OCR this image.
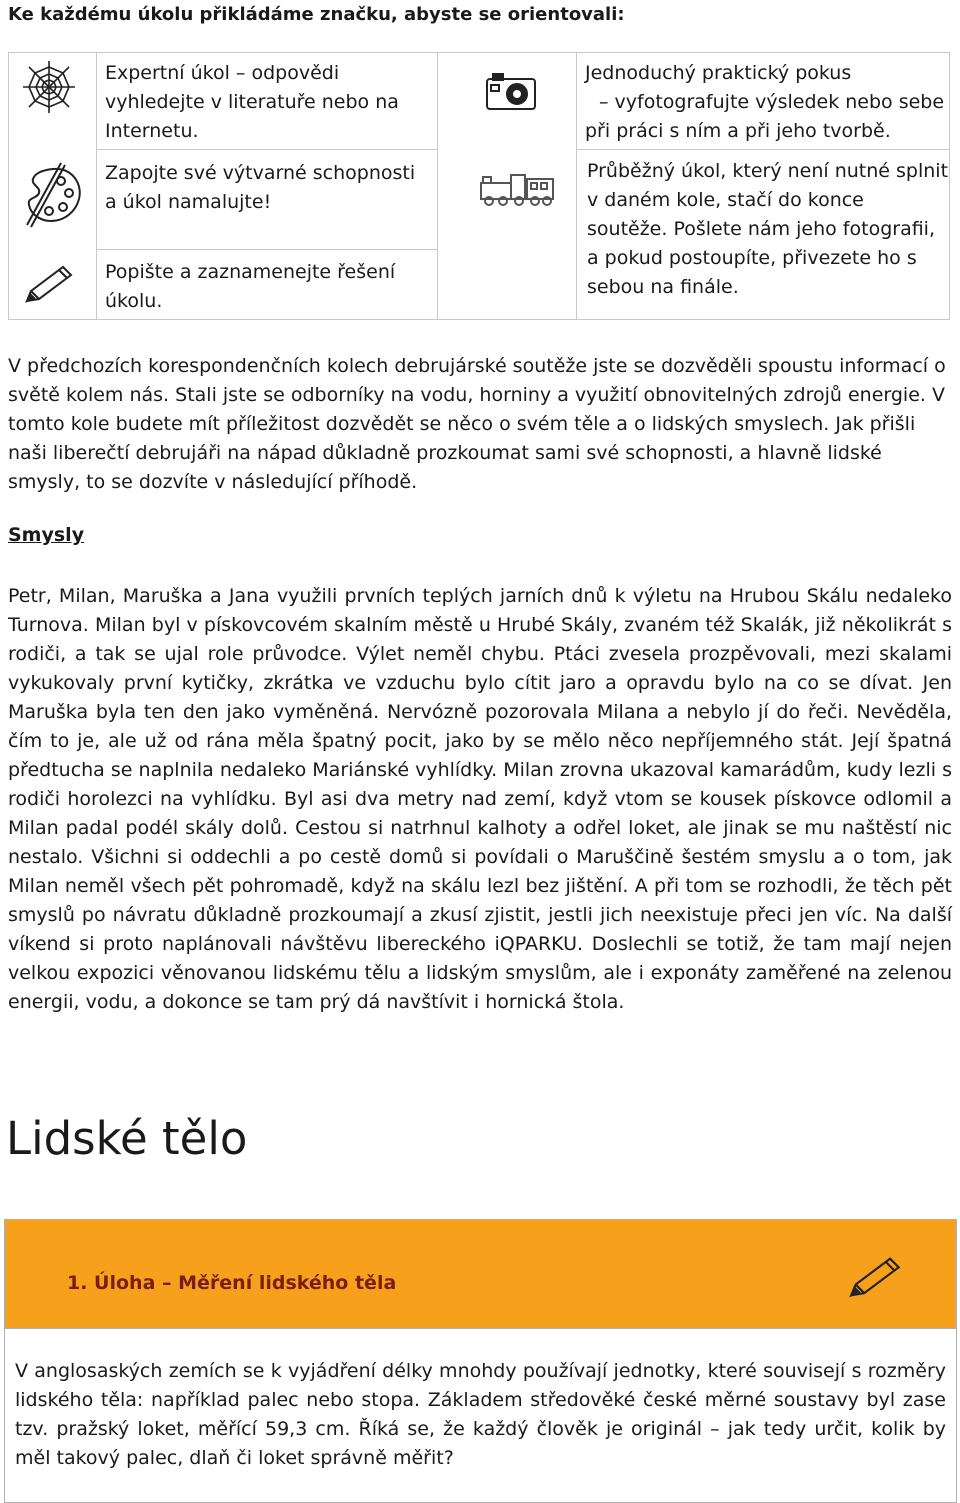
Ke každému úkolu přikládáme značku, abyste se orientovali:
Expertní úkol – odpovědi vyhledejte v literatuře nebo na Internetu.
Zapojte své výtvarné schopnosti a úkol namalujte!
Popište a zaznamenejte řešení úkolu.
Jednoduchý praktický pokus
– vyfotografujte výsledek nebo sebe
při práci s ním a při jeho tvorbě.
Průběžný úkol, který není nutné splnit v daném kole, stačí do konce soutěže. Pošlete nám jeho fotografii, a pokud postoupíte, přivezete ho s sebou na finále.
V předchozích korespondenčních kolech debrujárské soutěže jste se dozvěděli spoustu informací o světě kolem nás. Stali jste se odborníky na vodu, horniny a využití obnovitelných zdrojů energie. V tomto kole budete mít příležitost dozvědět se něco o svém těle a o lidských smyslech. Jak přišli naši liberečtí debrujáři na nápad důkladně prozkoumat sami své schopnosti, a hlavně lidské smysly, to se dozvíte v následující příhodě.
Smysly
Petr, Milan, Maruška a Jana využili prvních teplých jarních dnů k výletu na Hrubou Skálu nedaleko Turnova. Milan byl v pískovcovém skalním městě u Hrubé Skály, zvaném též Skalák, již několikrát s rodiči, a tak se ujal role průvodce. Výlet neměl chybu. Ptáci zvesela prozpěvovali, mezi skalami vykukovaly první kytičky, zkrátka ve vzduchu bylo cítit jaro a opravdu bylo na co se dívat. Jen Maruška byla ten den jako vyměněná. Nervózně pozorovala Milana a nebylo jí do řeči. Nevěděla, čím to je, ale už od rána měla špatný pocit, jako by se mělo něco nepříjemného stát. Její špatná předtucha se naplnila nedaleko Mariánské vyhlídky. Milan zrovna ukazoval kamarádům, kudy lezli s rodiči horolezci na vyhlídku. Byl asi dva metry nad zemí, když vtom se kousek pískovce odlomil a Milan padal podél skály dolů. Cestou si natrhnul kalhoty a odřel loket, ale jinak se mu naštěstí nic nestalo. Všichni si oddechli a po cestě domů si povídali o Maruščině šestém smyslu a o tom, jak Milan neměl všech pět pohromadě, když na skálu lezl bez jištění. A při tom se rozhodli, že těch pět smyslů po návratu důkladně prozkoumají a zkusí zjistit, jestli jich neexistuje přeci jen víc. Na další víkend si proto naplánovali návštěvu libereckého iQPARKU. Doslechli se totiž, že tam mají nejen velkou expozici věnovanou lidskému tělu a lidským smyslům, ale i exponáty zaměřené na zelenou energii, vodu, a dokonce se tam prý dá navštívit i hornická štola.
Lidské tělo
1. Úloha – Měření lidského těla
V anglosaských zemích se k vyjádření délky mnohdy používají jednotky, které souvisejí s rozměry lidského těla: například palec nebo stopa. Základem středověké české měrné soustavy byl zase tzv. pražský loket, měřící 59,3 cm. Říká se, že každý člověk je originál – jak tedy určit, kolik by měl takový palec, dlaň či loket správně měřit?
